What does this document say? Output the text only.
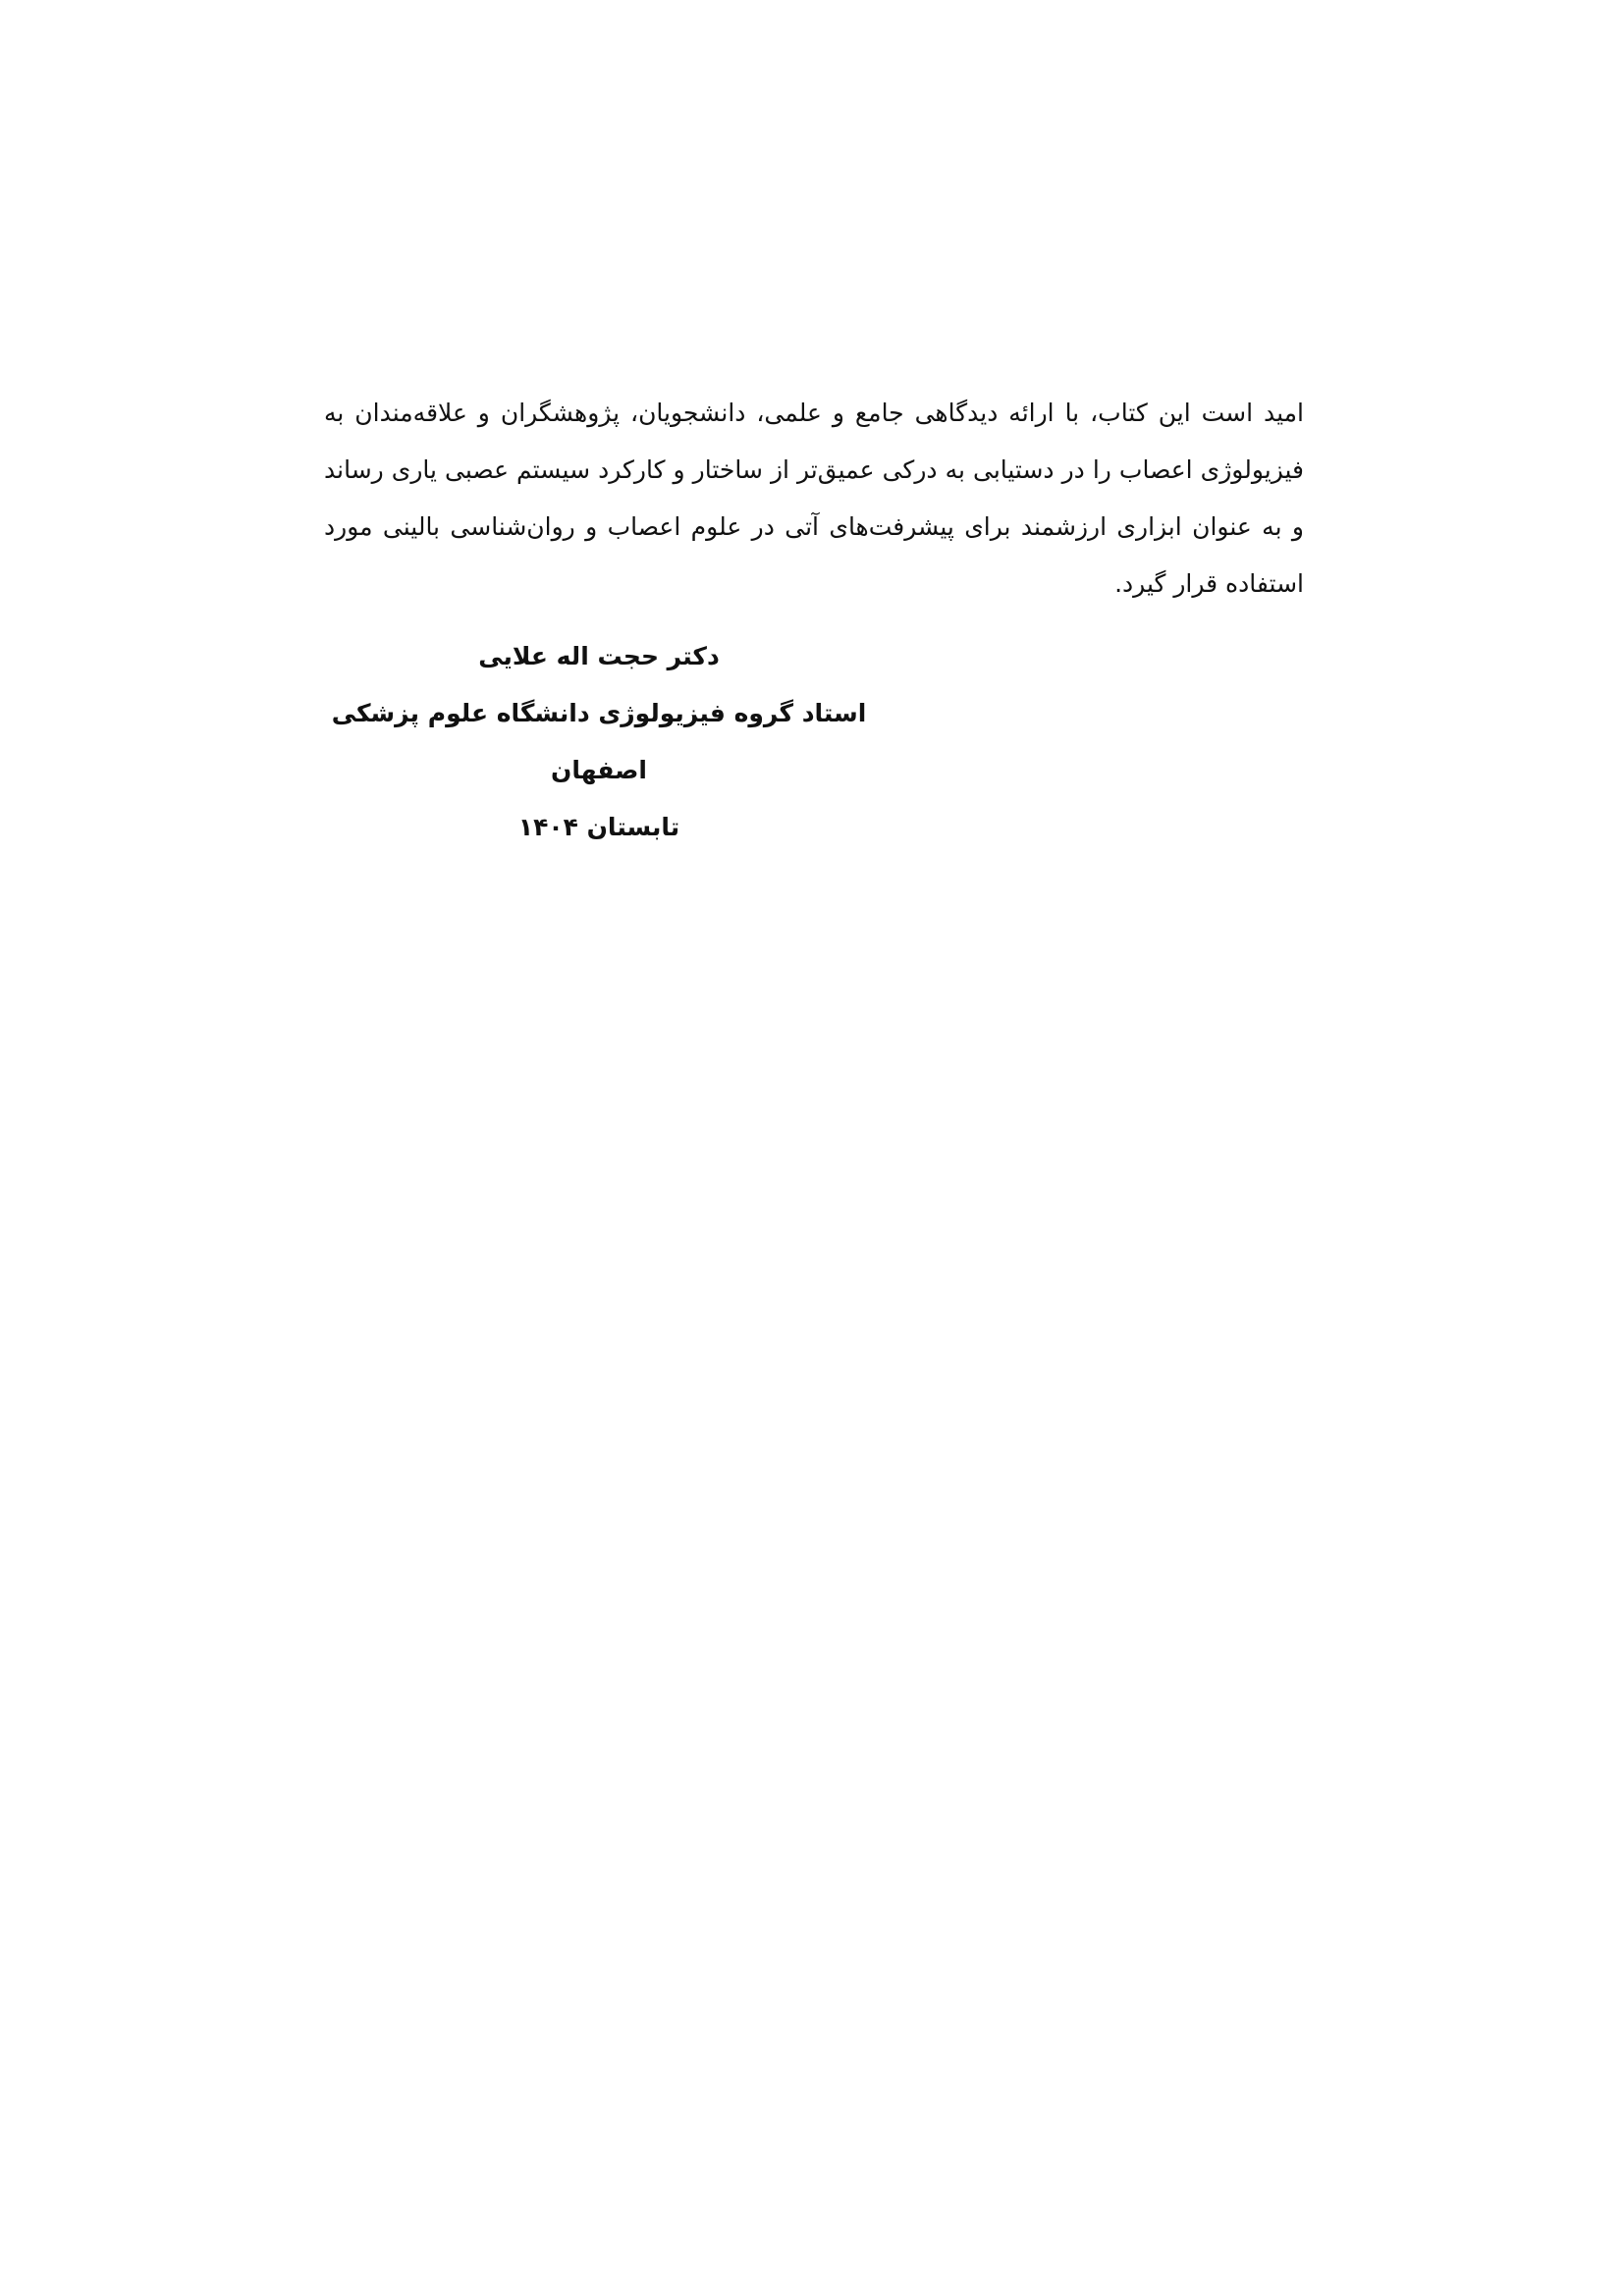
امید است این کتاب، با ارائه دیدگاهی جامع و علمی، دانشجویان، پژوهشگران و علاقه‌مندان به فیزیولوژی اعصاب را در دستیابی به درکی عمیق‌تر از ساختار و کارکرد سیستم عصبی یاری رساند و به عنوان ابزاری ارزشمند برای پیشرفت‌های آتی در علوم اعصاب و روان‌شناسی بالینی مورد استفاده قرار گیرد.

دکتر حجت اله علایی
استاد گروه فیزیولوژی دانشگاه علوم پزشکی اصفهان
تابستان ۱۴۰۴
